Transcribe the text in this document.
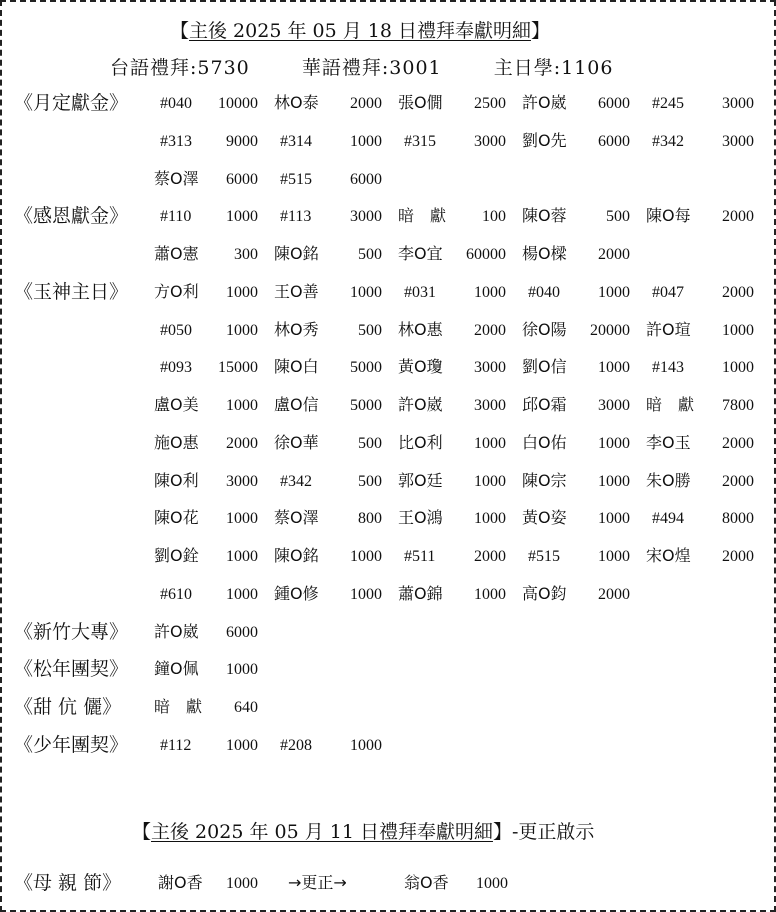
【主後 2025 年 05 月 18 日禮拜奉獻明細】
台語禮拜:5730	華語禮拜:3001	主日學:1106
《月定獻金》 #040 10000 林O泰 2000 張O僩 2500 許O崴 6000 #245 3000
#313 9000 #314 1000 #315 3000 劉O先 6000 #342 3000
蔡O澤 6000 #515 6000
《感恩獻金》 #110 1000 #113 3000 暗　獻 100 陳O蓉 500 陳O每 2000
蕭O憲 300 陳O銘 500 李O宜 60000 楊O樑 2000
《玉神主日》 方O利 1000 王O善 1000 #031 1000 #040 1000 #047 2000
#050 1000 林O秀 500 林O惠 2000 徐O陽 20000 許O瑄 1000
#093 15000 陳O白 5000 黃O瓊 3000 劉O信 1000 #143 1000
盧O美 1000 盧O信 5000 許O崴 3000 邱O霜 3000 暗　獻 7800
施O惠 2000 徐O華 500 比O利 1000 白O佑 1000 李O玉 2000
陳O利 3000 #342	500 郭O廷 1000 陳O宗 1000 朱O勝 2000
陳O花 1000 蔡O澤 800 王O鴻 1000 黃O姿 1000 #494 8000
劉O銓 1000 陳O銘 1000 #511 2000 #515 1000 宋O煌 2000
#610 1000 鍾O修 1000 蕭O錦 1000 高O鈞 2000
《新竹大專》 許O崴 6000
《松年團契》 鐘O佩 1000
《甜 伉 儷》 暗　獻 640
《少年團契》 #112 1000 #208 1000
【主後 2025 年 05 月 11 日禮拜奉獻明細】-更正啟示
《母 親 節》 謝O香 1000 →更正→	翁O香 1000
